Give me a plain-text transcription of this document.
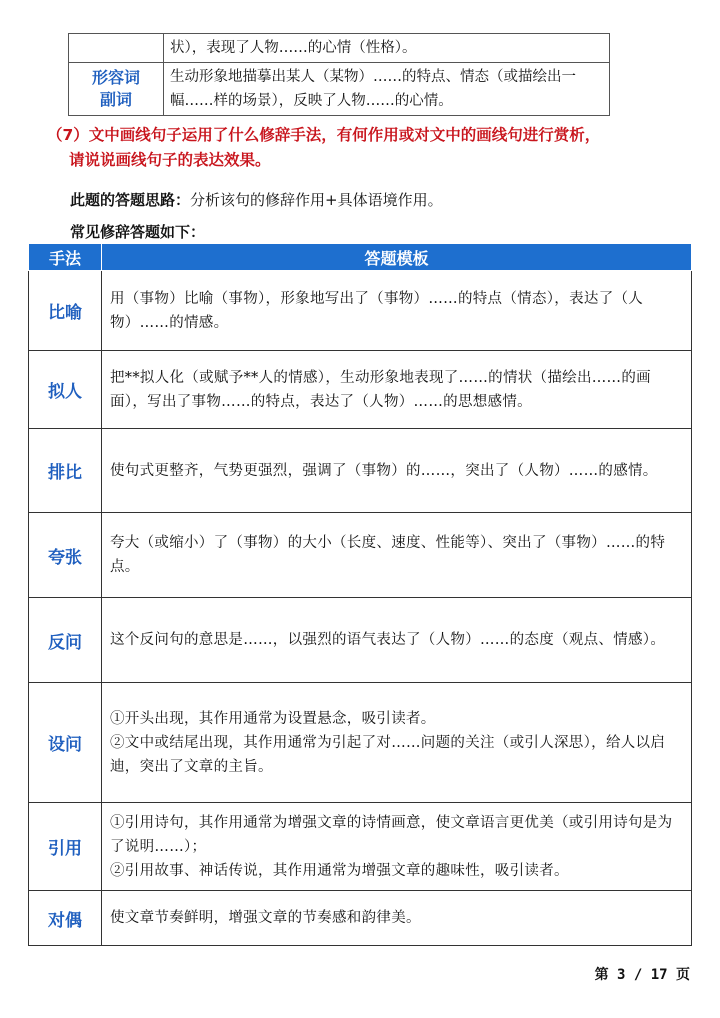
	状），表现了人物……的心情（性格）。

形容词
副词	生动形象地描摹出某人（某物）……的特点、情态（或描绘出一幅……样的场景），反映了人物……的心情。
（7）文中画线句子运用了什么修辞手法，有何作用或对文中的画线句进行赏析，
请说说画线句子的表达效果。
此题的答题思路：分析该句的修辞作用+具体语境作用。
常见修辞答题如下：
手法	答题模板
比喻	用（事物）比喻（事物），形象地写出了（事物）……的特点（情态），表达了（人物）……的情感。

拟人	把**拟人化（或赋予**人的情感），生动形象地表现了……的情状（描绘出……的画面），写出了事物……的特点，表达了（人物）……的思想感情。

排比	使句式更整齐，气势更强烈，强调了（事物）的……，突出了（人物）……的感情。

夸张	夸大（或缩小）了（事物）的大小（长度、速度、性能等）、突出了（事物）……的特点。

反问	这个反问句的意思是……，以强烈的语气表达了（人物）……的态度（观点、情感）。

设问	①开头出现，其作用通常为设置悬念，吸引读者。
②文中或结尾出现，其作用通常为引起了对……问题的关注（或引人深思），给人以启迪，突出了文章的主旨。

引用	①引用诗句，其作用通常为增强文章的诗情画意，使文章语言更优美（或引用诗句是为了说明……）；
②引用故事、神话传说，其作用通常为增强文章的趣味性，吸引读者。

对偶	使文章节奏鲜明，增强文章的节奏感和韵律美。
第 3 / 17 页
